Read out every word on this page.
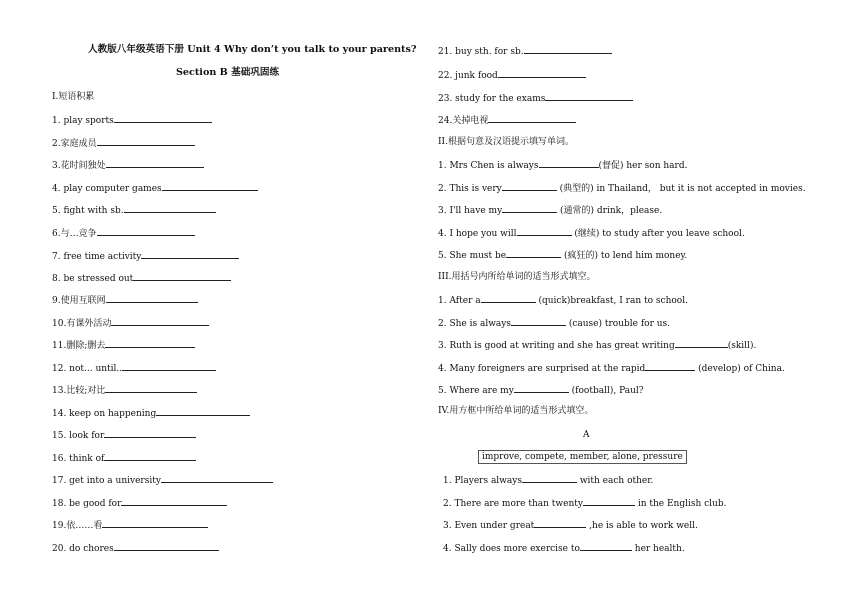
人教版八年级英语下册 Unit 4 Why don’t you talk to your parents?
Section B 基础巩固练
I.短语积累
1. play sports
2.家庭成员
3.花时间独处
4. play computer games
5. fight with sb.
6.与…竞争
7. free time activity
8. be stressed out
9.使用互联网
10.有课外活动
11.删除;删去
12. not... until..
13.比较;对比
14. keep on happening
15. look for
16. think of
17. get into a university
18. be good for
19.依……看
20. do chores
21. buy sth. for sb.
22. junk food
23. study for the exams
24.关掉电视
II.根据句意及汉语提示填写单词。
1. Mrs Chen is always	(督促) her son hard.
2. This is very	(典型的) in Thailand， but it is not accepted in movies.
3. I'll have my	(通常的) drink，please.
4. I hope you will	(继续) to study after you leave school.
5. She must be	(疯狂的) to lend him money.
III.用括号内所给单词的适当形式填空。
1. After a	(quick)breakfast, I ran to school.
2. She is always	(cause) trouble for us.
3. Ruth is good at writing and she has great writing	(skill).
4. Many foreigners are surprised at the rapid	(develop) of China.
5. Where are my	(football), Paul?
IV.用方框中所给单词的适当形式填空。
A
improve, compete, member, alone, pressure
1. Players always	with each other.
2. There are more than twenty	in the English club.
3. Even under great	,he is able to work well.
4. Sally does more exercise to	her health.
